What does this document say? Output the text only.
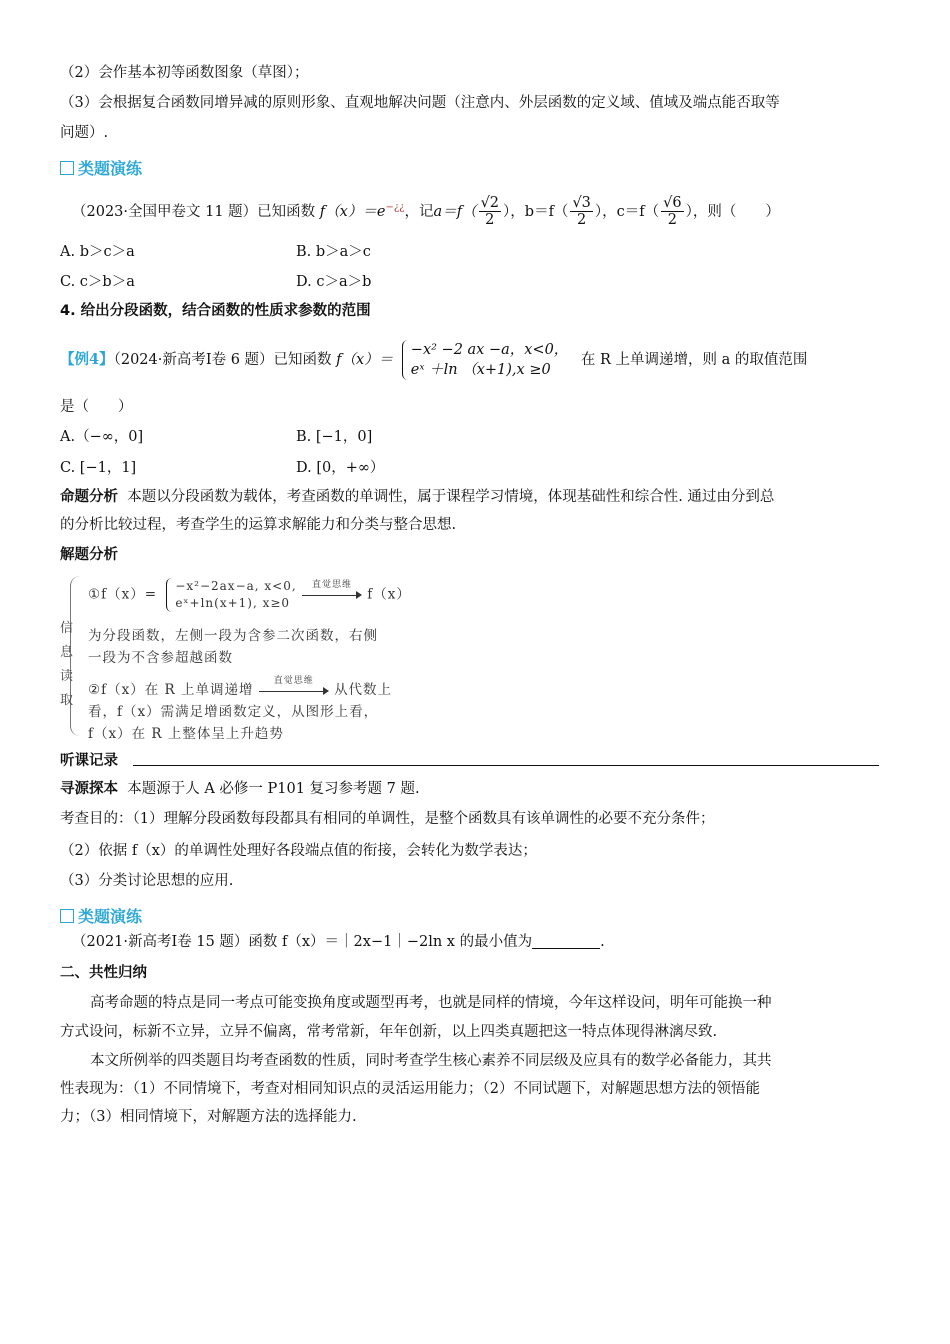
（2）会作基本初等函数图象（草图）；
（3）会根据复合函数同增异减的原则形象、直观地解决问题（注意内、外层函数的定义域、值域及端点能否取等
问题）.
类题演练
（2023·全国甲卷文 11 题）已知函数 f（x）＝e−¿¿，记$a=f( \frac{√2}{2}$ ），$b=f( \frac{√3}{2}$ ），$c=f( \frac{√6}{2}$ ），则（　　）
A. b＞c＞a	B. b＞a＞c
C. c＞b＞a	D. c＞a＞b
4. 给出分段函数，结合函数的性质求参数的范围
【例4】（2024·新高考Ⅰ卷 6 题）已知函数 f（x）＝
−x² −2 ax −a，x<0，
eˣ ＋ln （x+1),x ≥0
在 R 上单调递增，则 a 的取值范围
是（　　）
A.（−∞，0]	B. [−1，0]
C. [−1，1]	D. [0，+∞）
命题分析 本题以分段函数为载体，考查函数的单调性，属于课程学习情境，体现基础性和综合性. 通过由分到总
的分析比较过程，考查学生的运算求解能力和分类与整合思想.
解题分析
信
息
读
取
①f（x）=
−x²−2ax−a, x<0,
eˣ+ln(x+1), x≥0

直觉思维
f（x）
为分段函数，左侧一段为含参二次函数，右侧
一段为不含参超越函数
②f（x）在 R 上单调递增
直觉思维
从代数上
看，f（x）需满足增函数定义，从图形上看，
f（x）在 R 上整体呈上升趋势
听课记录
寻源探本 本题源于人 A 必修一 P101 复习参考题 7 题.
考查目的：（1）理解分段函数每段都具有相同的单调性，是整个函数具有该单调性的必要不充分条件；
（2）依据 f（x）的单调性处理好各段端点值的衔接，会转化为数学表达；
（3）分类讨论思想的应用.
类题演练
（2021·新高考Ⅰ卷 15 题）函数 f（x）＝｜2x−1｜−2ln x 的最小值为	.
二、共性归纳
高考命题的特点是同一考点可能变换角度或题型再考，也就是同样的情境，今年这样设问，明年可能换一种
方式设问，标新不立异，立异不偏离，常考常新，年年创新，以上四类真题把这一特点体现得淋漓尽致.
本文所例举的四类题目均考查函数的性质，同时考查学生核心素养不同层级及应具有的数学必备能力，其共
性表现为：（1）不同情境下，考查对相同知识点的灵活运用能力；（2）不同试题下，对解题思想方法的领悟能
力；（3）相同情境下，对解题方法的选择能力.
